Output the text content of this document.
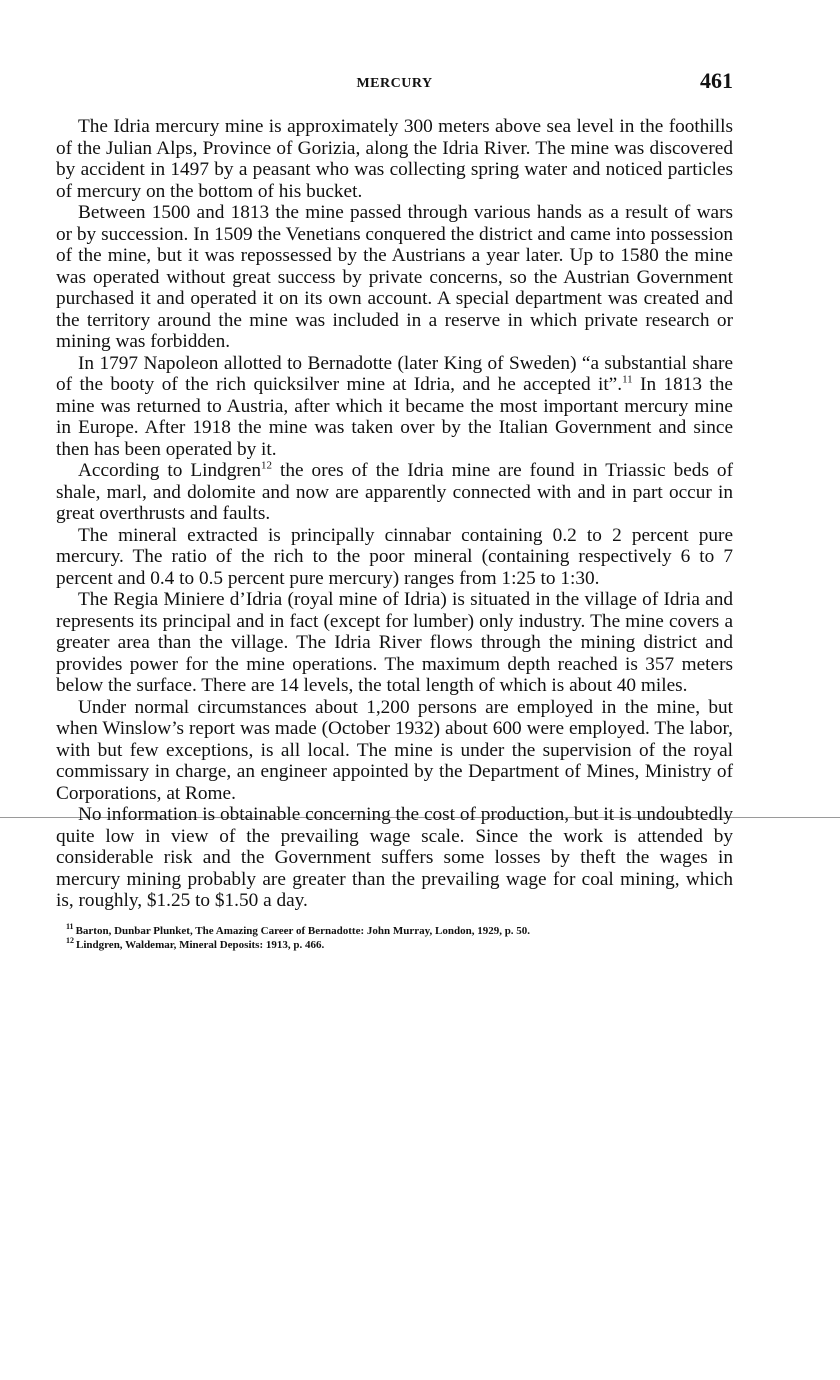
MERCURY	461

The Idria mercury mine is approximately 300 meters above sea level in the foothills of the Julian Alps, Province of Gorizia, along the Idria River. The mine was discovered by accident in 1497 by a peasant who was collecting spring water and noticed particles of mercury on the bottom of his bucket.

Between 1500 and 1813 the mine passed through various hands as a result of wars or by succession. In 1509 the Venetians conquered the district and came into possession of the mine, but it was repossessed by the Austrians a year later. Up to 1580 the mine was operated without great success by private concerns, so the Austrian Government purchased it and operated it on its own account. A special department was created and the territory around the mine was included in a reserve in which private research or mining was forbidden.

In 1797 Napoleon allotted to Bernadotte (later King of Sweden) “a substantial share of the booty of the rich quicksilver mine at Idria, and he accepted it”.$^{11}$ In 1813 the mine was returned to Austria, after which it became the most important mercury mine in Europe. After 1918 the mine was taken over by the Italian Government and since then has been operated by it.

According to Lindgren$^{12}$ the ores of the Idria mine are found in Triassic beds of shale, marl, and dolomite and now are apparently connected with and in part occur in great overthrusts and faults.

The mineral extracted is principally cinnabar containing 0.2 to 2 percent pure mercury. The ratio of the rich to the poor mineral (containing respectively 6 to 7 percent and 0.4 to 0.5 percent pure mercury) ranges from 1:25 to 1:30.

The Regia Miniere d’Idria (royal mine of Idria) is situated in the village of Idria and represents its principal and in fact (except for lumber) only industry. The mine covers a greater area than the village. The Idria River flows through the mining district and provides power for the mine operations. The maximum depth reached is 357 meters below the surface. There are 14 levels, the total length of which is about 40 miles.

Under normal circumstances about 1,200 persons are employed in the mine, but when Winslow’s report was made (October 1932) about 600 were employed. The labor, with but few exceptions, is all local. The mine is under the supervision of the royal commissary in charge, an engineer appointed by the Department of Mines, Ministry of Corporations, at Rome.

No information is obtainable concerning the cost of production, but it is undoubtedly quite low in view of the prevailing wage scale. Since the work is attended by considerable risk and the Government suffers some losses by theft the wages in mercury mining probably are greater than the prevailing wage for coal mining, which is, roughly, $1.25 to $1.50 a day.

$^{11}$ Barton, Dunbar Plunket, The Amazing Career of Bernadotte: John Murray, London, 1929, p. 50.

$^{12}$ Lindgren, Waldemar, Mineral Deposits: 1913, p. 466.
